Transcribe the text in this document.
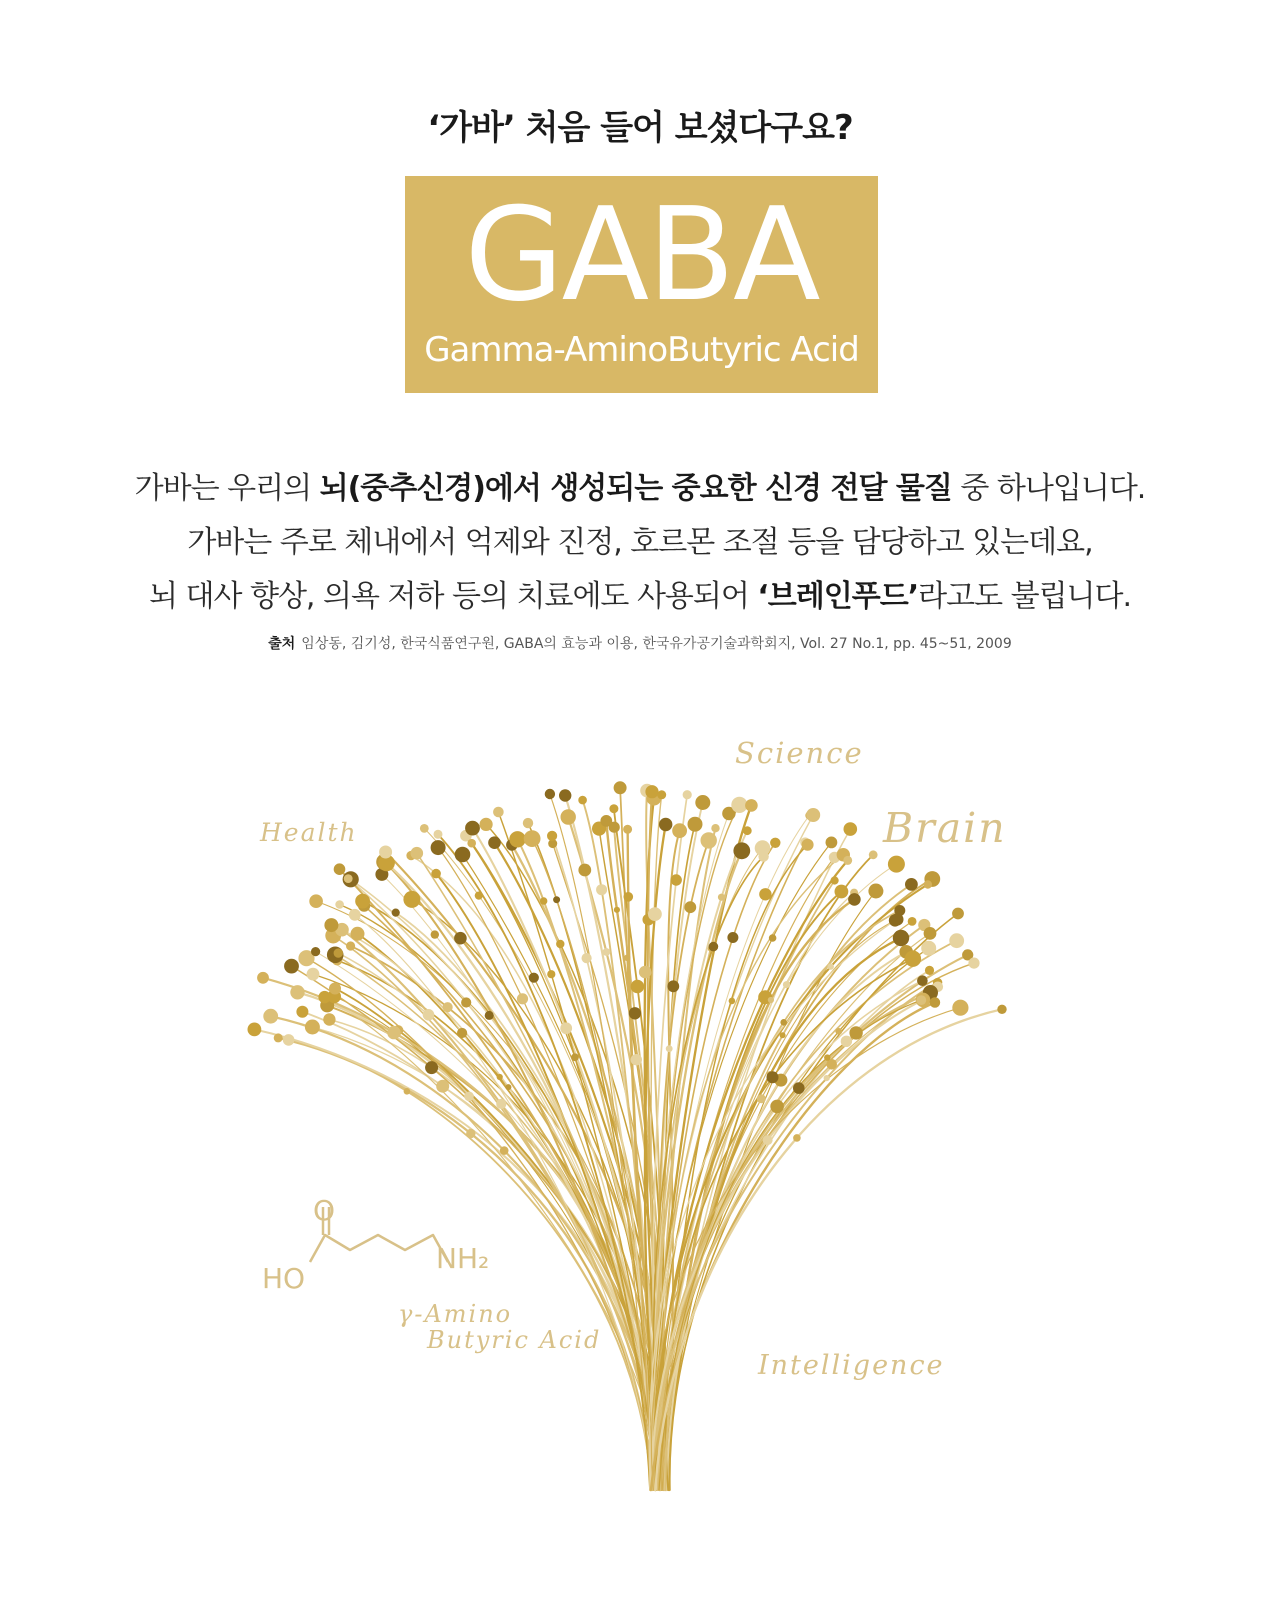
‘가바’ 처음 들어 보셨다구요?
GABA
Gamma-AminoButyric Acid
가바는 우리의 뇌(중추신경)에서 생성되는 중요한 신경 전달 물질 중 하나입니다.
가바는 주로 체내에서 억제와 진정, 호르몬 조절 등을 담당하고 있는데요,
뇌 대사 향상, 의욕 저하 등의 치료에도 사용되어 ‘브레인푸드’라고도 불립니다.
출처 임상동, 김기성, 한국식품연구원, GABA의 효능과 이용, 한국유가공기술과학회지, Vol. 27 No.1, pp. 45~51, 2009
O
HO
NH₂
Science
Health	Brain
Intelligence
γ-Amino
Butyric Acid
